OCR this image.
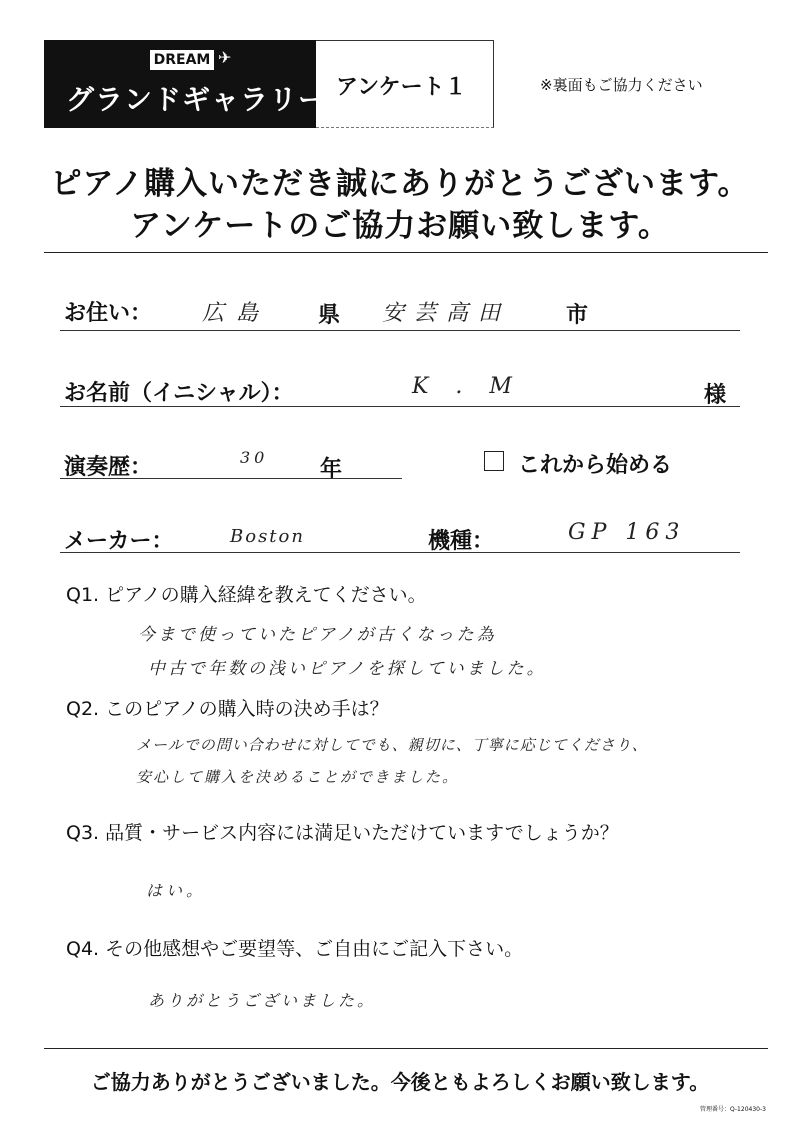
DREAM ✈
グランドギャラリー アンケート１	※裏面もご協力ください
ピアノ購入いただき誠にありがとうございます。
アンケートのご協力お願い致します。
お住い： 広島 県 安芸高田	市
お名前（イニシャル）：	K . M	様
演奏歴：	30 年	これから始める
メーカー：	Boston	機種：	GP 163
Q1. ピアノの購入経緯を教えてください。
今まで使っていたピアノが古くなった為
中古で年数の浅いピアノを探していました。
Q2. このピアノの購入時の決め手は？
メールでの問い合わせに対してでも、親切に、丁寧に応じてくださり、
安心して購入を決めることができました。
Q3. 品質・サービス内容には満足いただけていますでしょうか？
はい。
Q4. その他感想やご要望等、ご自由にご記入下さい。
ありがとうございました。
ご協力ありがとうございました。今後ともよろしくお願い致します。
管理番号：Q-120430-3
